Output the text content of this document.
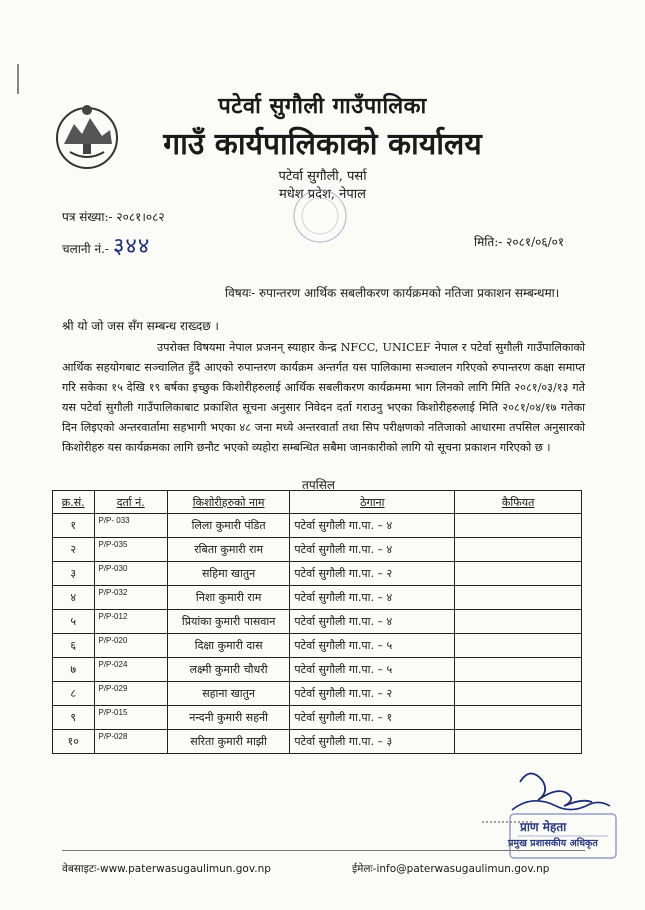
पटेर्वा सुगौली गाउँपालिका
गाउँ कार्यपालिकाको कार्यालय
पटेर्वा सुगौली, पर्सा
मधेश प्रदेश, नेपाल
पत्र संख्या:- २०८१।०८२
चलानी नं.- ३४४	मिति:- २०८१/०६/०१
विषयः- रुपान्तरण आर्थिक सबलीकरण कार्यक्रमको नतिजा प्रकाशन सम्बन्धमा।
श्री यो जो जस सँग सम्बन्ध राख्दछ ।
उपरोक्त विषयमा नेपाल प्रजनन् स्याहार केन्द्र NFCC, UNICEF नेपाल र पटेर्वा सुगौली गाउँपालिकाको आर्थिक सहयोगबाट सञ्चालित हुँदै आएको रुपान्तरण कार्यक्रम अन्तर्गत यस पालिकामा सञ्चालन गरिएको रुपान्तरण कक्षा समाप्त गरि सकेका १५ देखि १९ बर्षका इच्छुक किशोरीहरुलाई आर्थिक सबलीकरण कार्यक्रममा भाग लिनको लागि मिति २०८१/०३/१३ गते यस पटेर्वा सुगौली गाउँपालिकाबाट प्रकाशित सूचना अनुसार निवेदन दर्ता गराउनु भएका किशोरीहरुलाई मिति २०८१/०४/१७ गतेका दिन लिइएको अन्तरवार्तामा सहभागी भएका ४८ जना मध्ये अन्तरवार्ता तथा सिप परीक्षणको नतिजाको आधारमा तपसिल अनुसारको किशोरीहरु यस कार्यक्रमका लागि छनौट भएको व्यहोरा सम्बन्धित सबैमा जानकारीको लागि यो सूचना प्रकाशन गरिएको छ ।
तपसिल
क्र.सं.	दर्ता नं.	किशोरीहरुको नाम	ठेगाना	कैफियत
१	P/P- 033	लिला कुमारी पंडित	पटेर्वा सुगौली गा.पा. – ४	
२	P/P-035	रबिता कुमारी राम	पटेर्वा सुगौली गा.पा. – ४	
३	P/P-030	सहिमा खातुन	पटेर्वा सुगौली गा.पा. – २	
४	P/P-032	निशा कुमारी राम	पटेर्वा सुगौली गा.पा. – ४	
५	P/P-012	प्रियांका कुमारी पासवान	पटेर्वा सुगौली गा.पा. – ४	
६	P/P-020	दिक्षा कुमारी दास	पटेर्वा सुगौली गा.पा. – ५	
७	P/P-024	लक्ष्मी कुमारी चौधरी	पटेर्वा सुगौली गा.पा. – ५	
८	P/P-029	सहाना खातुन	पटेर्वा सुगौली गा.पा. – २	
९	P/P-015	नन्दनी कुमारी सहनी	पटेर्वा सुगौली गा.पा. – १	
१०	P/P-028	सरिता कुमारी माझी	पटेर्वा सुगौली गा.पा. – ३	
प्राण मेहता
प्रमुख प्रशासकीय अधिकृत
वेबसाइटः-www.paterwasugaulimun.gov.np	ईमेलः-info@paterwasugaulimun.gov.np
